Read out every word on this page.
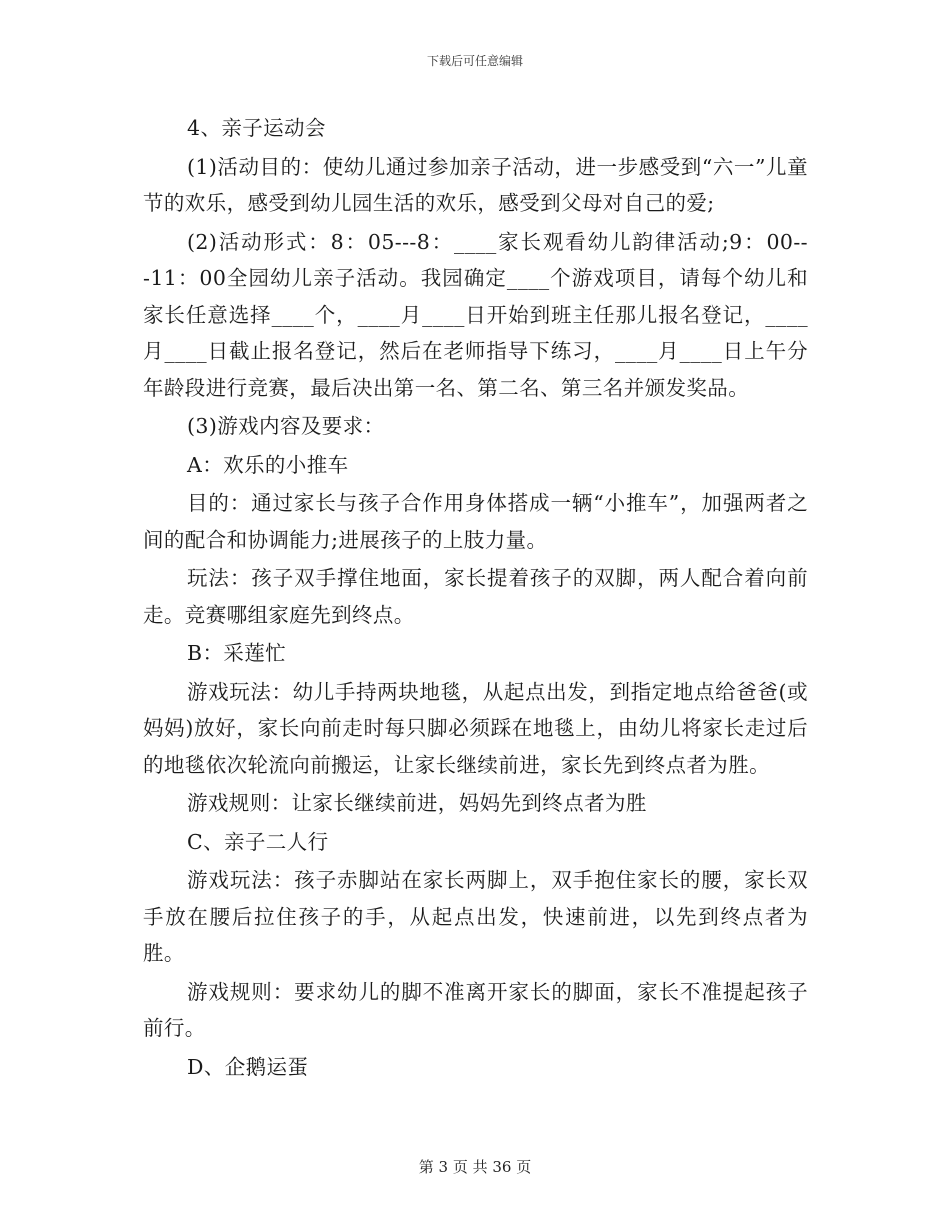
下载后可任意编辑

4、亲子运动会

(1)活动目的：使幼儿通过参加亲子活动，进一步感受到“六一”儿童节的欢乐，感受到幼儿园生活的欢乐，感受到父母对自己的爱;

(2)活动形式：8：05---8：____家长观看幼儿韵律活动;9：00---11：00全园幼儿亲子活动。我园确定____个游戏项目，请每个幼儿和家长任意选择____个，____月____日开始到班主任那儿报名登记，____月____日截止报名登记，然后在老师指导下练习，____月____日上午分年龄段进行竞赛，最后决出第一名、第二名、第三名并颁发奖品。

(3)游戏内容及要求：

A：欢乐的小推车

目的：通过家长与孩子合作用身体搭成一辆“小推车”，加强两者之间的配合和协调能力;进展孩子的上肢力量。

玩法：孩子双手撑住地面，家长提着孩子的双脚，两人配合着向前走。竞赛哪组家庭先到终点。

B：采莲忙

游戏玩法：幼儿手持两块地毯，从起点出发，到指定地点给爸爸(或妈妈)放好，家长向前走时每只脚必须踩在地毯上，由幼儿将家长走过后的地毯依次轮流向前搬运，让家长继续前进，家长先到终点者为胜。

游戏规则：让家长继续前进，妈妈先到终点者为胜

C、亲子二人行

游戏玩法：孩子赤脚站在家长两脚上，双手抱住家长的腰，家长双手放在腰后拉住孩子的手，从起点出发，快速前进，以先到终点者为胜。

游戏规则：要求幼儿的脚不准离开家长的脚面，家长不准提起孩子前行。

D、企鹅运蛋

第 3 页 共 36 页
